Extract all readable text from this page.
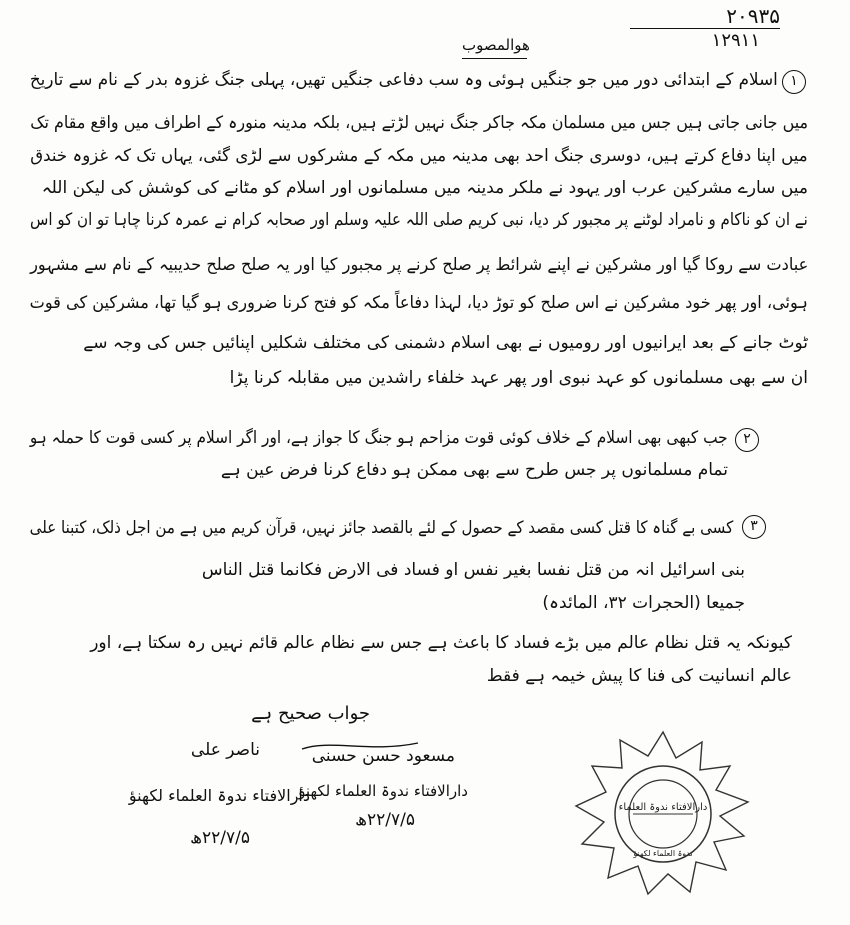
۲۰۹۳۵
۱۲۹۱۱
ھوالمصوب
۱
اسلام کے ابتدائی دور میں جو جنگیں ہوئی وہ سب دفاعی جنگیں تھیں، پہلی جنگ غزوہ بدر کے نام سے تاریخ
میں جانی جاتی ہیں جس میں مسلمان مکہ جاکر جنگ نہیں لڑتے ہیں، بلکہ مدینہ منورہ کے اطراف میں واقع مقام تک
میں اپنا دفاع کرتے ہیں، دوسری جنگ احد بھی مدینہ میں مکہ کے مشرکوں سے لڑی گئی، یہاں تک کہ غزوہ خندق
میں سارے مشرکین عرب اور یہود نے ملکر مدینہ میں مسلمانوں اور اسلام کو مٹانے کی کوشش کی لیکن اللہ
نے ان کو ناکام و نامراد لوٹنے پر مجبور کر دیا، نبی کریم صلی اللہ علیہ وسلم اور صحابہ کرام نے عمرہ کرنا چاہا تو ان کو اس
عبادت سے روکا گیا اور مشرکین نے اپنے شرائط پر صلح کرنے پر مجبور کیا اور یہ صلح صلح حدیبیہ کے نام سے مشہور
ہوئی، اور پھر خود مشرکین نے اس صلح کو توڑ دیا، لہذا دفاعاً مکہ کو فتح کرنا ضروری ہو گیا تھا، مشرکین کی قوت
ٹوٹ جانے کے بعد ایرانیوں اور رومیوں نے بھی اسلام دشمنی کی مختلف شکلیں اپنائیں جس کی وجہ سے
ان سے بھی مسلمانوں کو عہد نبوی اور پھر عہد خلفاء راشدین میں مقابلہ کرنا پڑا
۲
جب کبھی بھی اسلام کے خلاف کوئی قوت مزاحم ہو جنگ کا جواز ہے، اور اگر اسلام پر کسی قوت کا حملہ ہو
تمام مسلمانوں پر جس طرح سے بھی ممکن ہو دفاع کرنا فرض عین ہے
۳
کسی بے گناہ کا قتل کسی مقصد کے حصول کے لئے بالقصد جائز نہیں، قرآن کریم میں ہے من اجل ذلک، کتبنا علی
بنی اسرائیل انہ من قتل نفسا بغیر نفس او فساد فی الارض فکانما قتل الناس
جمیعا (الحجرات ۳۲، المائدہ)
کیونکہ یہ قتل نظام عالم میں بڑے فساد کا باعث ہے جس سے نظام عالم قائم نہیں رہ سکتا ہے، اور
عالم انسانیت کی فنا کا پیش خیمہ ہے فقط
جواب صحیح ہے
ناصر علی
دارالافتاء ندوۃ العلماء لکھنؤ
۲۲/۷/۵ھ
مسعود حسن حسنی
دارالافتاء ندوۃ العلماء لکھنؤ
۲۲/۷/۵ھ
دارالافتاء ندوۃ العلماء
ندوۃ العلماء لکھنؤ
